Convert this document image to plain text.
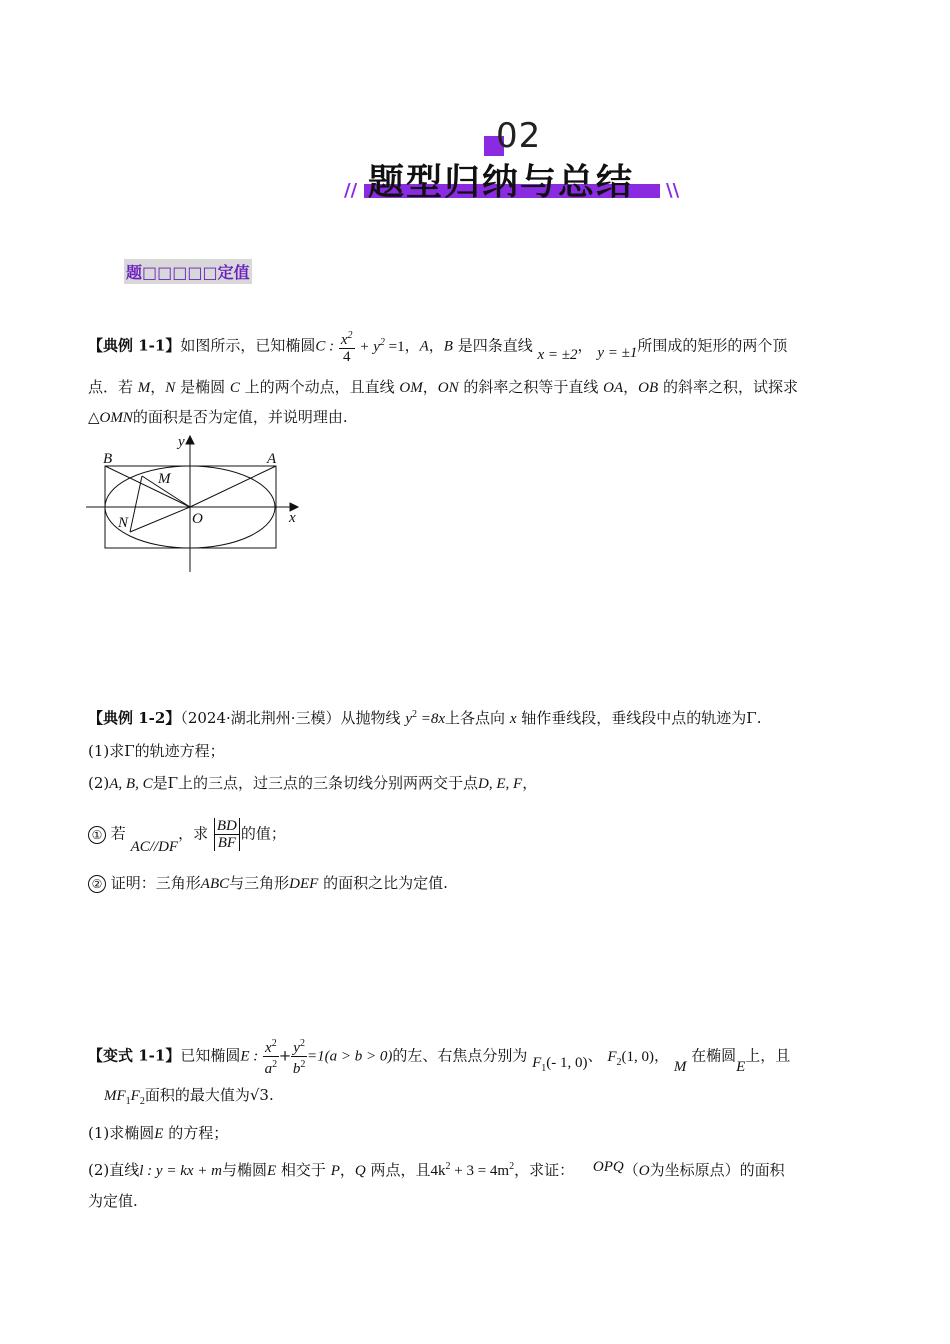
02
题型归纳与总结
//	\\
题□□□□□定值
【典例 1-1】如图所示，已知椭圆C : $\frac{x^2}{4} + y^2 =1$，A，B 是四条直线 x = ±2， y = ±1所围成的矩形的两个顶
点．若 M，N 是椭圆 C 上的两个动点，且直线 OM，ON 的斜率之积等于直线 OA，OB 的斜率之积，试探求
△OMN的面积是否为定值，并说明理由.
y
x
B	A
M
N	O
【典例 1-2】（2024·湖北荆州·三模）从抛物线 $y^2 =8x$上各点向 x 轴作垂线段，垂线段中点的轨迹为Γ.
(1)求Γ的轨迹方程；
(2)A, B, C是Γ上的三点，过三点的三条切线分别两两交于点D, E, F，
① 若 AC//DF，求 $\frac{BD}{BF}$ 的值；
② 证明：三角形ABC与三角形DEF 的面积之比为定值.
【变式 1-1】已知椭圆E : $\frac{x^2}{a^2} + \frac{y^2}{b^2} =1(a > b > 0)$的左、右焦点分别为 $F_1(-$ 1, 0)、 $F_2(1$, 0)， M 在椭圆E上，且
$MF_1F_2$面积的最大值为√3.
(1)求椭圆E 的方程；
(2)直线l : y = kx + m与椭圆E 相交于 P，Q 两点，且$4k^2 + 3 = 4m^2$，求证： OPQ（O为坐标原点）的面积
为定值.
